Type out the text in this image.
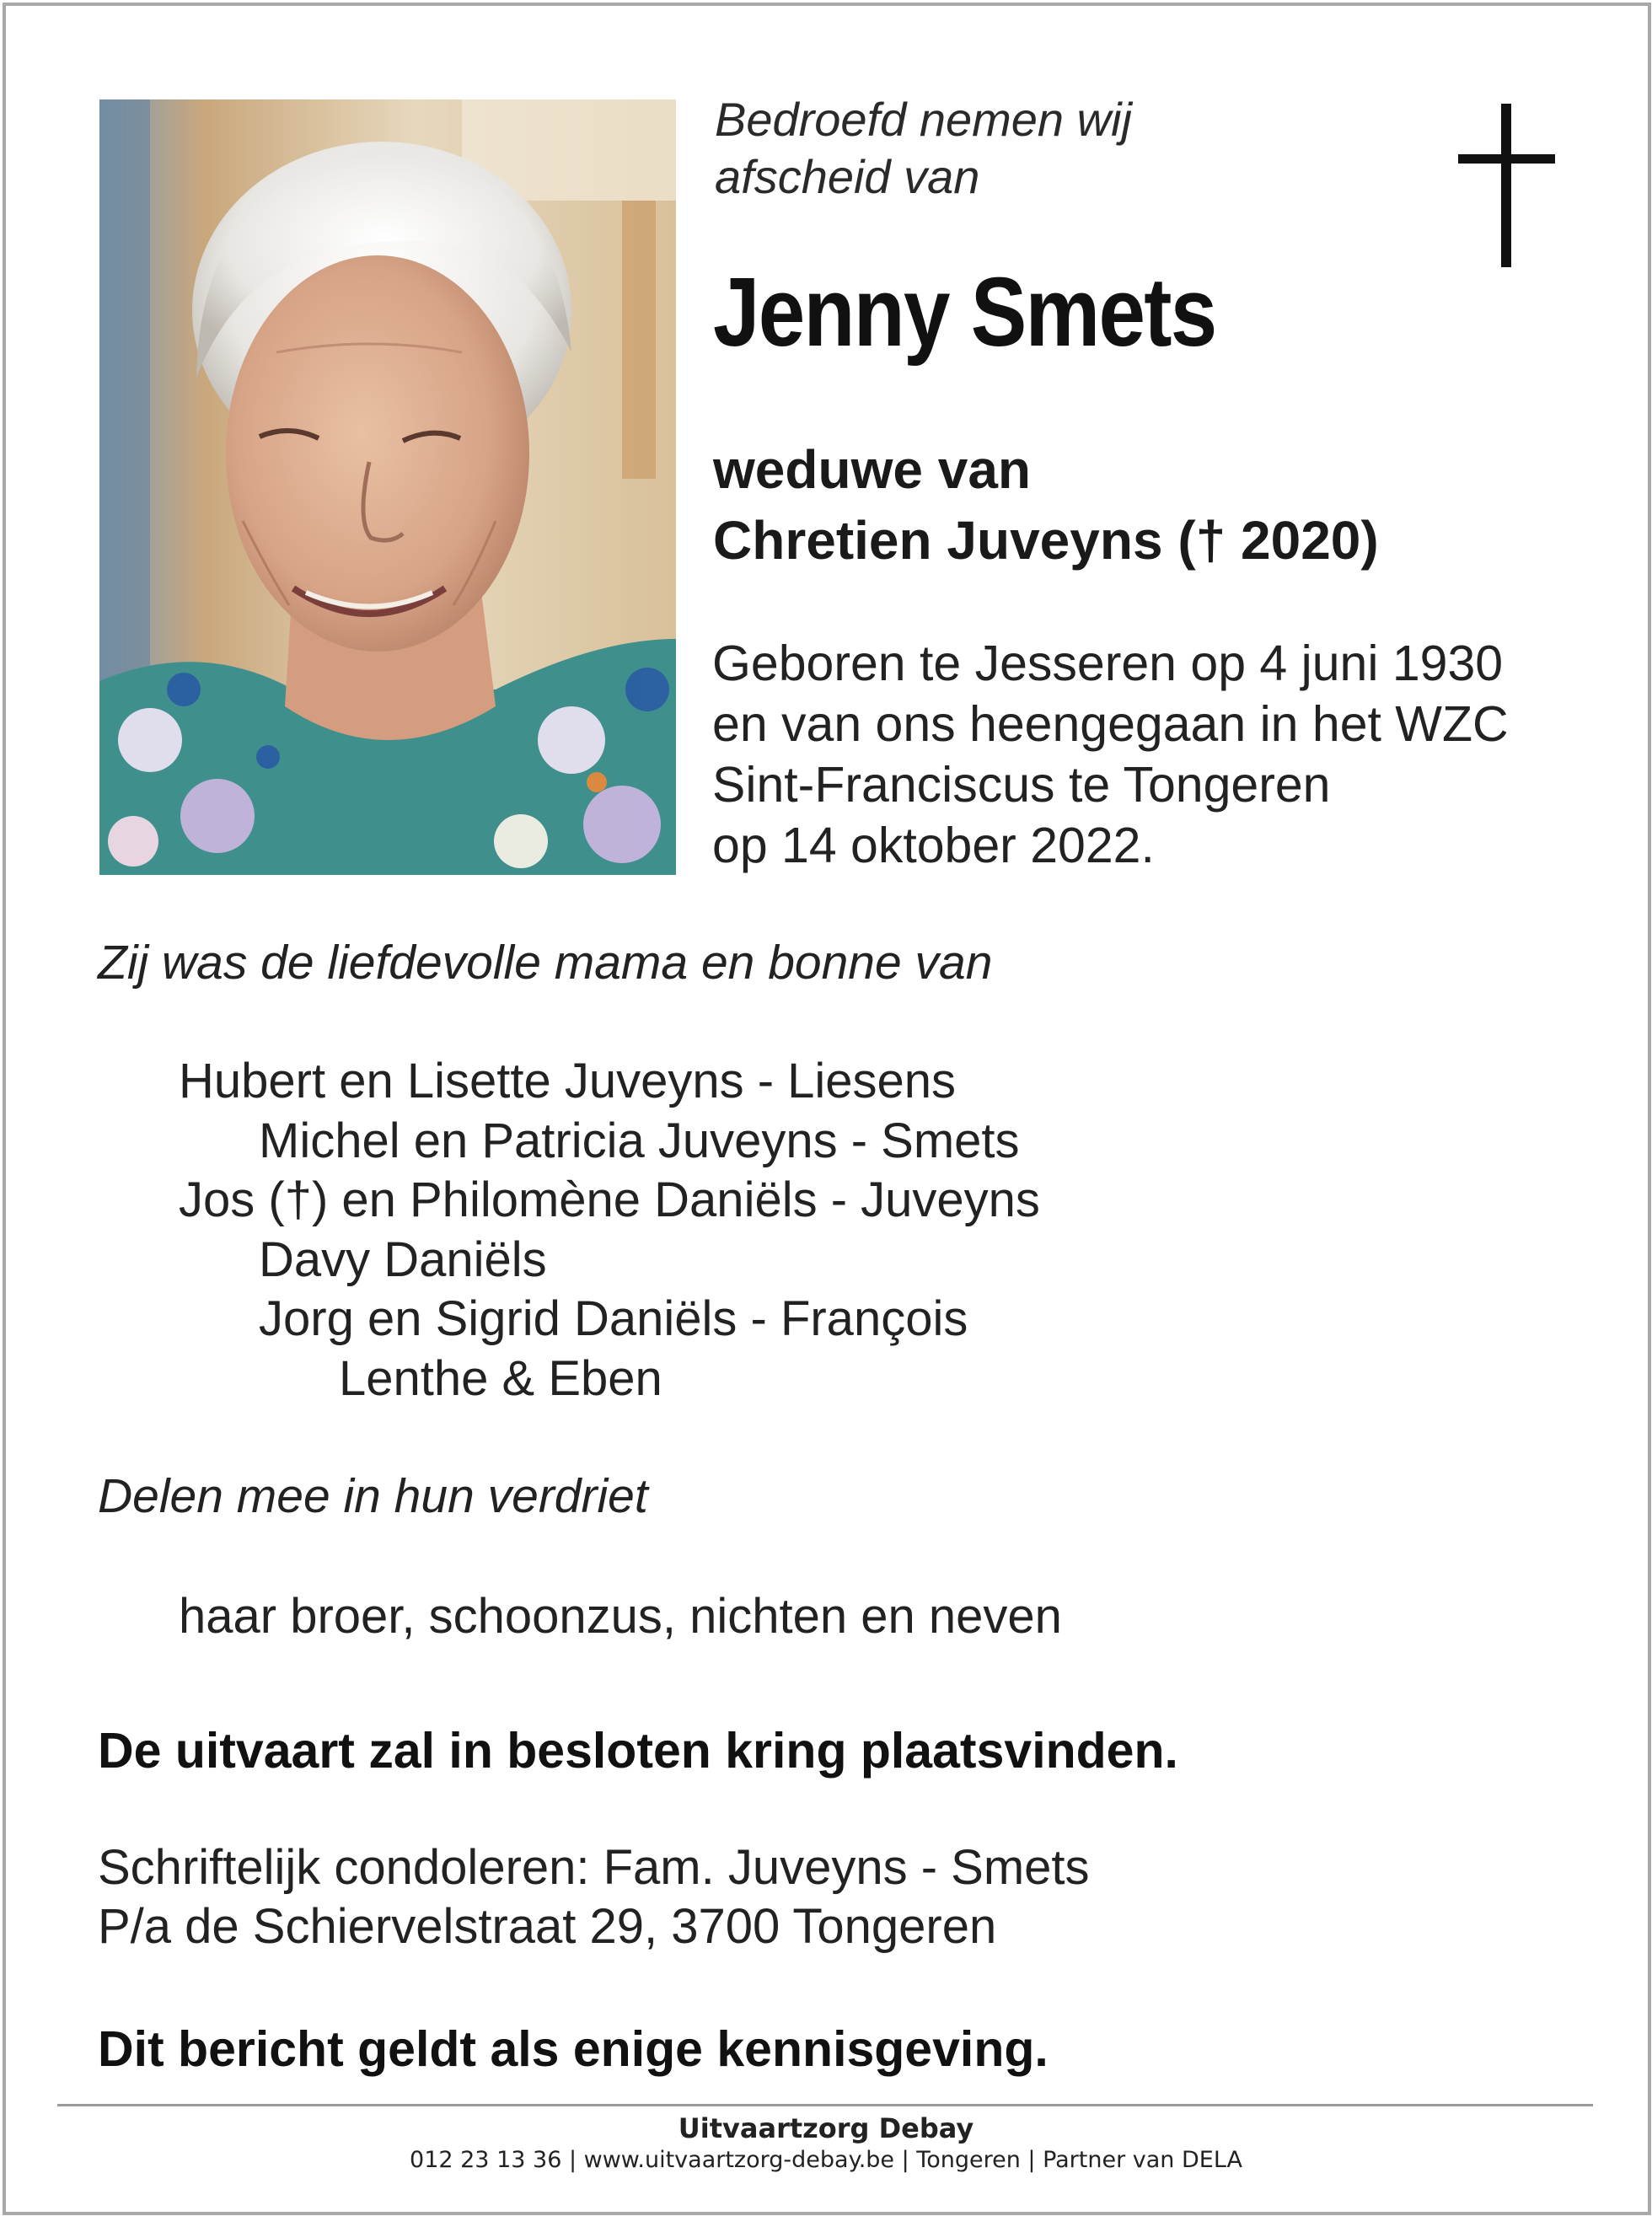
Bedroefd nemen wij
afscheid van
Jenny Smets
weduwe van
Chretien Juveyns († 2020)
Geboren te Jesseren op 4 juni 1930
en van ons heengegaan in het WZC
Sint-Franciscus te Tongeren
op 14 oktober 2022.
Zij was de liefdevolle mama en bonne van
Hubert en Lisette Juveyns - Liesens
Michel en Patricia Juveyns - Smets
Jos (†) en Philomène Daniëls - Juveyns
Davy Daniëls
Jorg en Sigrid Daniëls - François
Lenthe & Eben
Delen mee in hun verdriet
haar broer, schoonzus, nichten en neven
De uitvaart zal in besloten kring plaatsvinden.
Schriftelijk condoleren: Fam. Juveyns - Smets
P/a de Schiervelstraat 29, 3700 Tongeren
Dit bericht geldt als enige kennisgeving.
Uitvaartzorg Debay
012 23 13 36 | www.uitvaartzorg-debay.be | Tongeren | Partner van DELA
